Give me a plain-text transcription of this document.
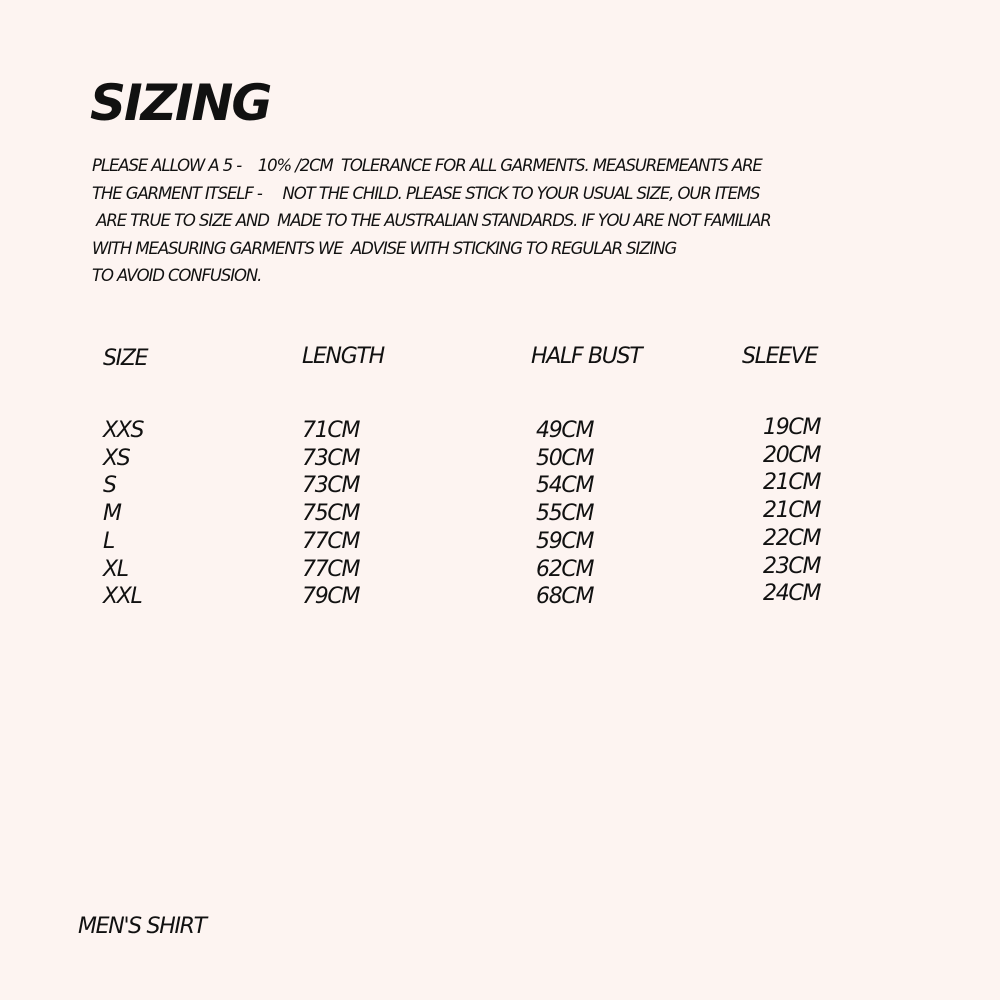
SIZING
PLEASE ALLOW A 5 -    10% /2CM  TOLERANCE FOR ALL GARMENTS. MEASUREMEANTS ARE
THE GARMENT ITSELF -     NOT THE CHILD. PLEASE STICK TO YOUR USUAL SIZE, OUR ITEMS
ARE TRUE TO SIZE AND  MADE TO THE AUSTRALIAN STANDARDS. IF YOU ARE NOT FAMILIAR
WITH MEASURING GARMENTS WE  ADVISE WITH STICKING TO REGULAR SIZING
TO AVOID CONFUSION.
SIZE
XXS
XS
S
M
L
XL
XXL
LENGTH
71CM
73CM
73CM
75CM
77CM
77CM
79CM
HALF BUST
49CM
50CM
54CM
55CM
59CM
62CM
68CM
SLEEVE
19CM
20CM
21CM
21CM
22CM
23CM
24CM
MEN'S SHIRT
